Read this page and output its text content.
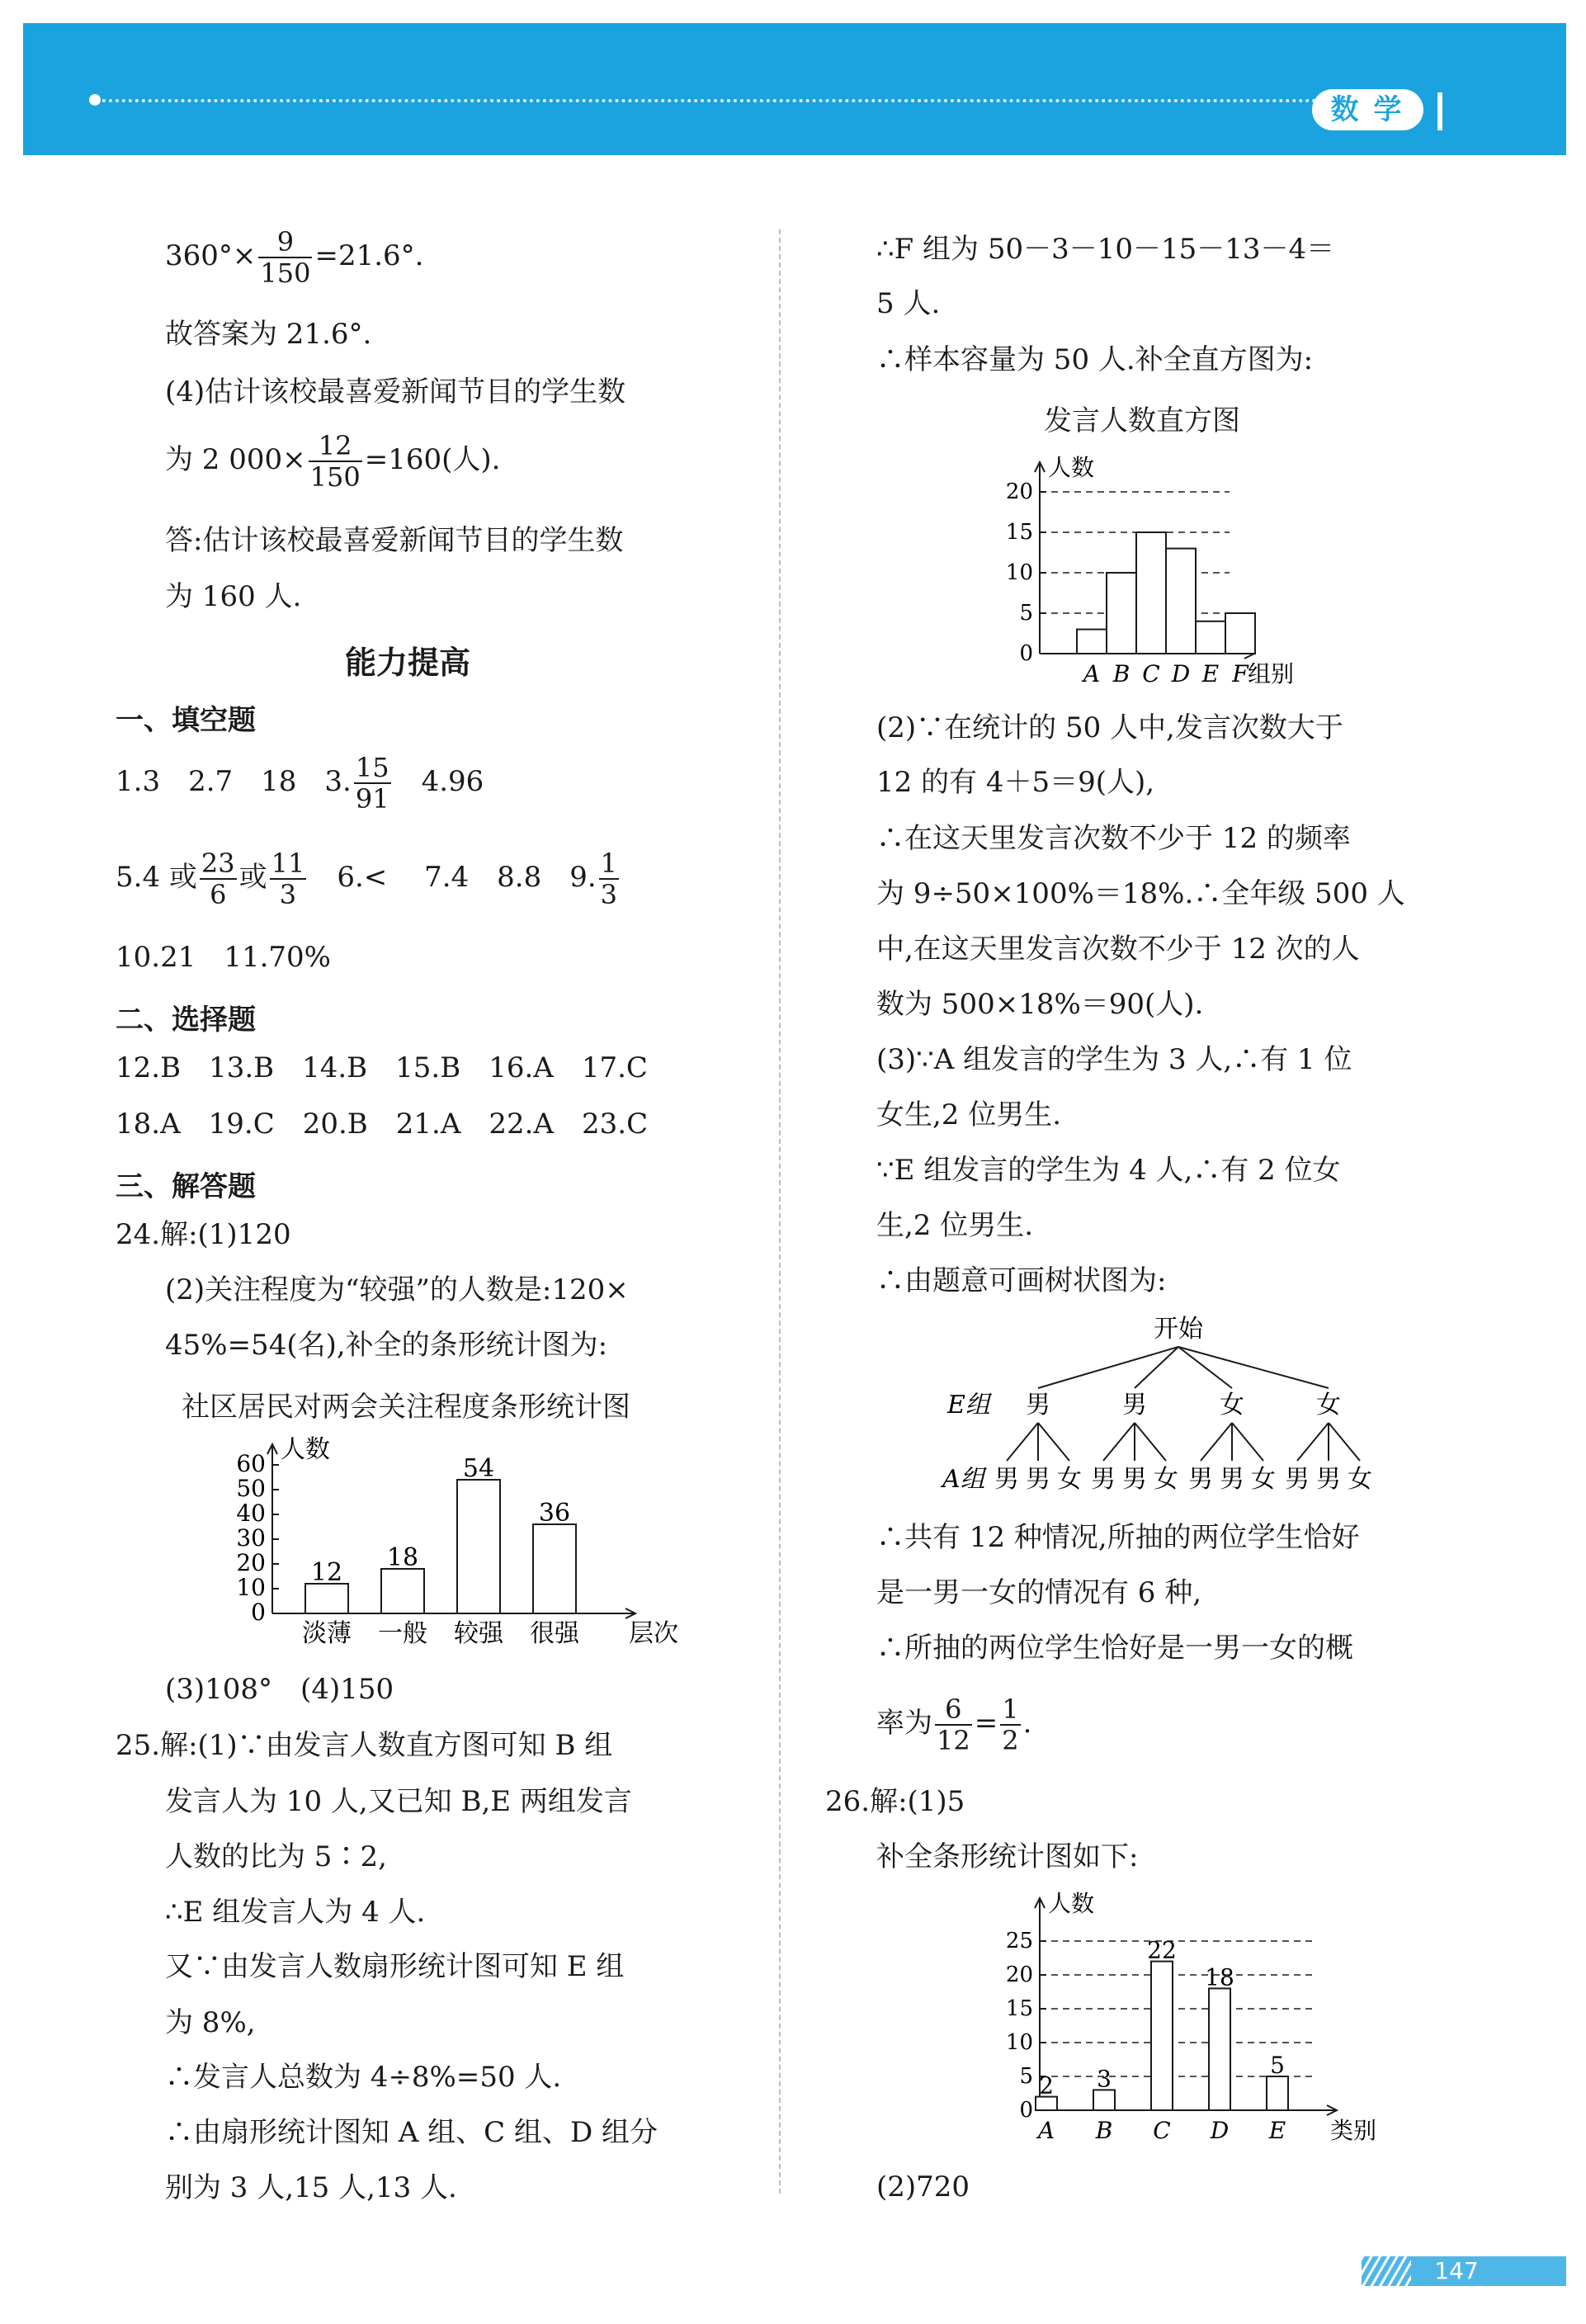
数学
$360^\circ\times \frac{9}{150} =21.6^\circ$.
故答案为 21.6°.
(4)估计该校最喜爱新闻节目的学生数
为 2 $000\times \frac{12}{150} =160$(人).
答:估计该校最喜爱新闻节目的学生数
为 160 人.
能力提高
一、填空题
1.3　2.7　18　3. $\frac{15}{91}$ 　4.96
5.4 或 $\frac{23}{6}$ 或 $\frac{11}{3}$ 　6.<　 7.4　8.8　9. $\frac{1}{3}$
10.21　11.70%
二、选择题
12.B　13.B　14.B　15.B　16.A　17.C
18.A　19.C　20.B　21.A　22.A　23.C
三、解答题
24.解:(1)120
(2)关注程度为“较强”的人数是:120×
45%=54(名),补全的条形统计图为:
社区居民对两会关注程度条形统计图
人数
层次
0
10
20
30
40
50
60
淡薄
12
一般
18
较强
54
很强
36
(3)108°　(4)150
25.解:(1)∵由发言人数直方图可知 B 组
发言人为 10 人,又已知 B,E 两组发言
人数的比为 5∶2,
∴E 组发言人为 4 人.
又∵由发言人数扇形统计图可知 E 组
为 8%,
∴发言人总数为 4÷8%=50 人.
∴由扇形统计图知 A 组、C 组、D 组分
别为 3 人,15 人,13 人.
∴F 组为 50－3－10－15－13－4＝
5 人.
∴样本容量为 50 人.补全直方图为:
发言人数直方图
人数
组别
0
5
10
15
20
A B C D E F
(2)∵在统计的 50 人中,发言次数大于
12 的有 4＋5＝9(人),
∴在这天里发言次数不少于 12 的频率
为 9÷50×100%＝18%.∴全年级 500 人
中,在这天里发言次数不少于 12 次的人
数为 500×18%＝90(人).
(3)∵A 组发言的学生为 3 人,∴有 1 位
女生,2 位男生.
∵E 组发言的学生为 4 人,∴有 2 位女
生,2 位男生.
∴由题意可画树状图为:
开始
E组 男	男	女	女
A组 男 男 女 男 男 女 男 男 女 男 男 女
∴共有 12 种情况,所抽的两位学生恰好
是一男一女的情况有 6 种,
∴所抽的两位学生恰好是一男一女的概
率为 $\frac{6}{12} = \frac{1}{2}$ .
26.解:(1)5
补全条形统计图如下:
人数
类别
0
5
10
15
20
25
A
2
B
3
C
22
D
18
E
5
(2)720
147
